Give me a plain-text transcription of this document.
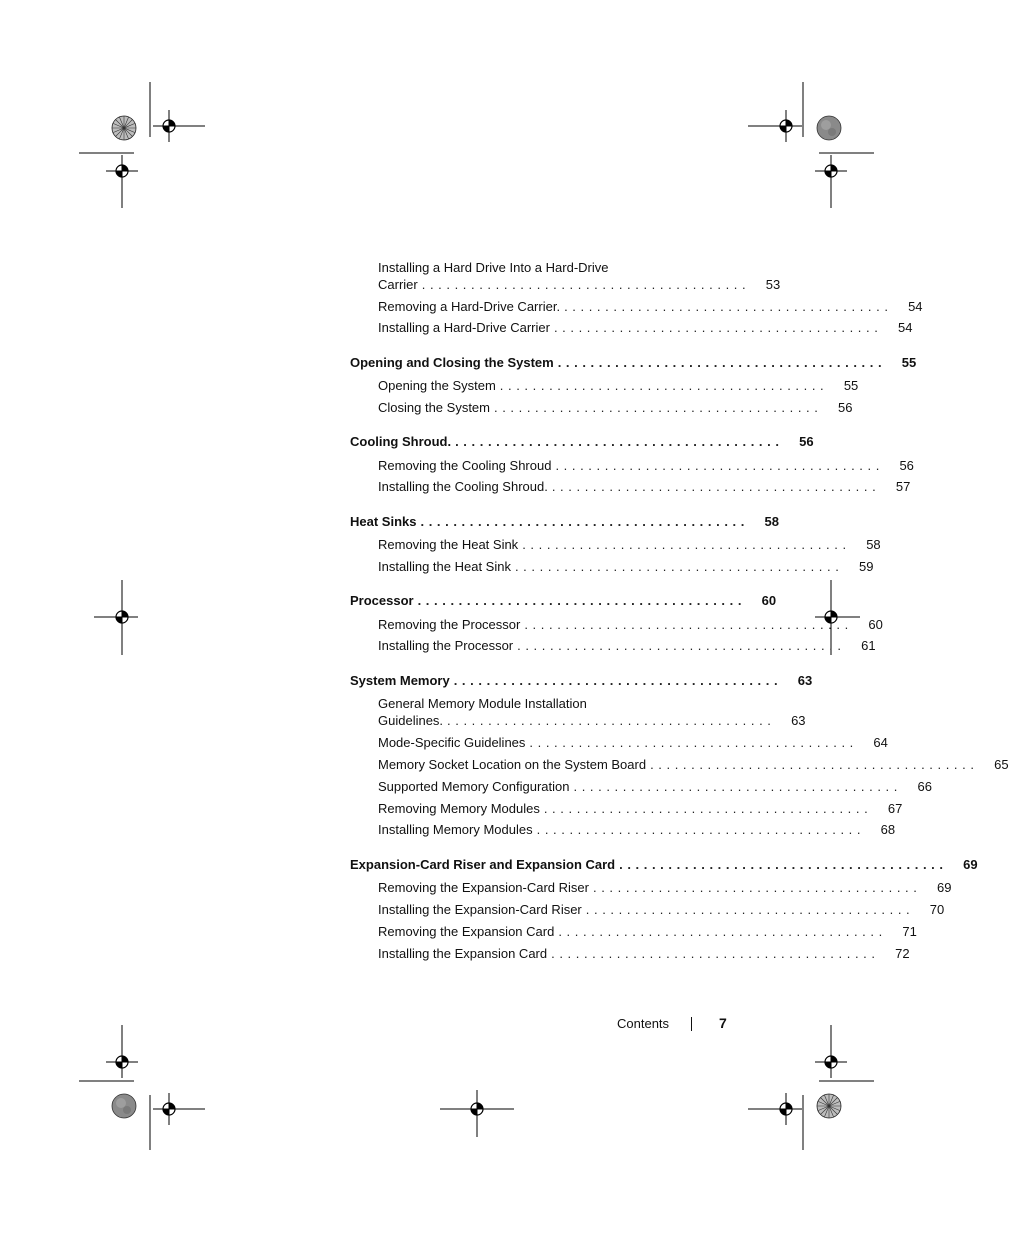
Installing a Hard Drive Into a Hard-Drive
Carrier ........................................	53
Removing a Hard-Drive Carrier. ........................................	54
Installing a Hard-Drive Carrier ........................................	54
Opening and Closing the System ........................................	55
Opening the System ........................................	55
Closing the System ........................................	56
Cooling Shroud. ........................................	56
Removing the Cooling Shroud ........................................	56
Installing the Cooling Shroud. ........................................	57
Heat Sinks ........................................	58
Removing the Heat Sink ........................................	58
Installing the Heat Sink ........................................	59
Processor ........................................	60
Removing the Processor ........................................	60
Installing the Processor ........................................	61
System Memory ........................................	63
General Memory Module Installation
Guidelines. ........................................	63
Mode-Specific Guidelines ........................................	64
Memory Socket Location on the System Board ........................................	65
Supported Memory Configuration ........................................	66
Removing Memory Modules ........................................	67
Installing Memory Modules ........................................	68
Expansion-Card Riser and Expansion Card ........................................	69
Removing the Expansion-Card Riser ........................................	69
Installing the Expansion-Card Riser ........................................	70
Removing the Expansion Card ........................................	71
Installing the Expansion Card ........................................	72
Contents	7
